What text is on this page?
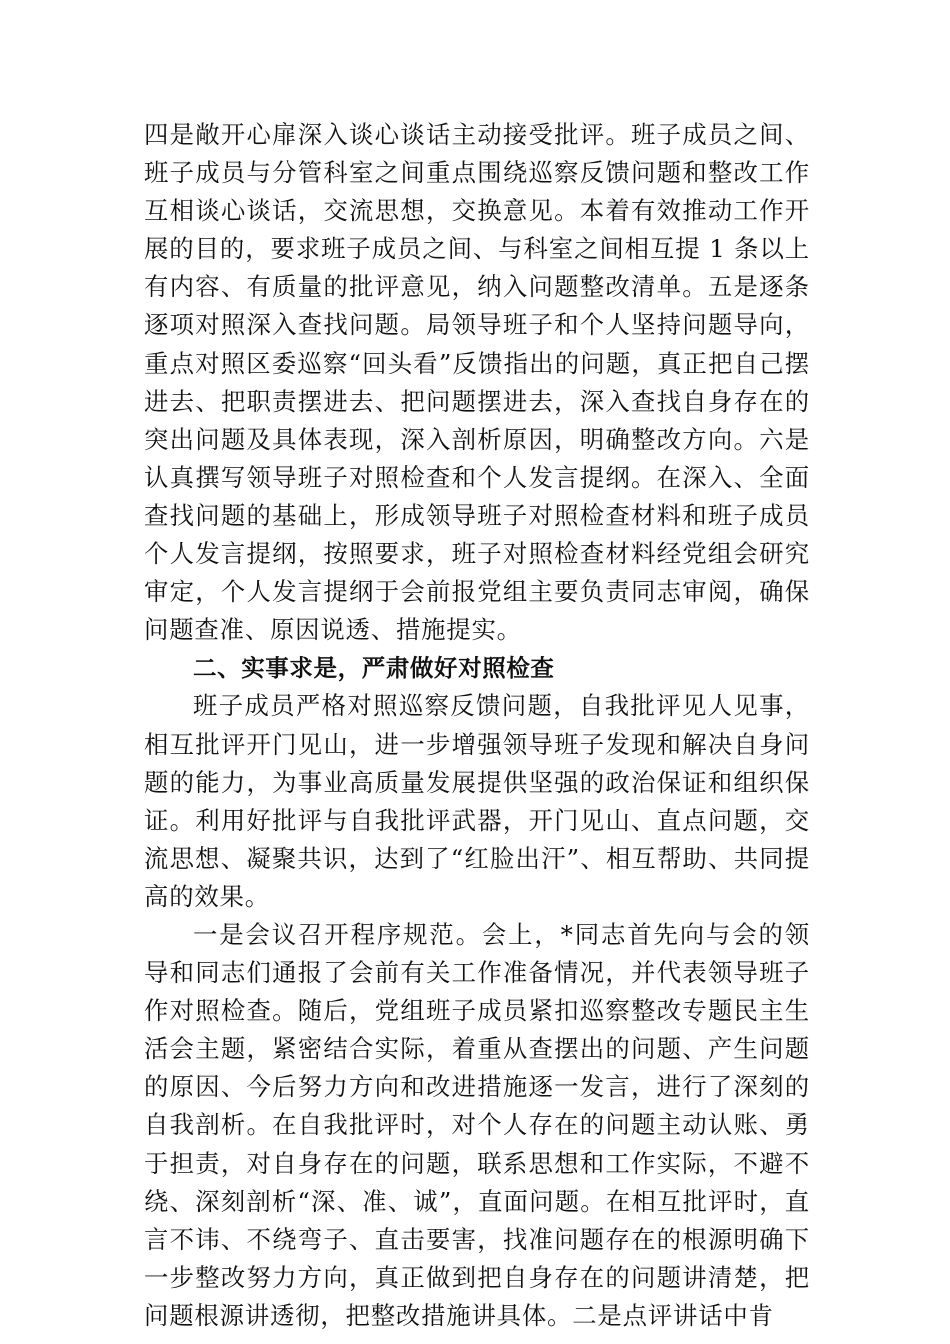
四是敞开心扉深入谈心谈话主动接受批评。班子成员之间、班子成员与分管科室之间重点围绕巡察反馈问题和整改工作互相谈心谈话，交流思想，交换意见。本着有效推动工作开展的目的，要求班子成员之间、与科室之间相互提 1 条以上有内容、有质量的批评意见，纳入问题整改清单。五是逐条逐项对照深入查找问题。局领导班子和个人坚持问题导向，重点对照区委巡察“回头看”反馈指出的问题，真正把自己摆进去、把职责摆进去、把问题摆进去，深入查找自身存在的突出问题及具体表现，深入剖析原因，明确整改方向。六是认真撰写领导班子对照检查和个人发言提纲。在深入、全面查找问题的基础上，形成领导班子对照检查材料和班子成员个人发言提纲，按照要求，班子对照检查材料经党组会研究审定，个人发言提纲于会前报党组主要负责同志审阅，确保问题查准、原因说透、措施提实。

二、实事求是，严肃做好对照检查

班子成员严格对照巡察反馈问题，自我批评见人见事，相互批评开门见山，进一步增强领导班子发现和解决自身问题的能力，为事业高质量发展提供坚强的政治保证和组织保证。利用好批评与自我批评武器，开门见山、直点问题，交流思想、凝聚共识，达到了“红脸出汗”、相互帮助、共同提高的效果。

一是会议召开程序规范。会上，*同志首先向与会的领导和同志们通报了会前有关工作准备情况，并代表领导班子作对照检查。随后，党组班子成员紧扣巡察整改专题民主生活会主题，紧密结合实际，着重从查摆出的问题、产生问题的原因、今后努力方向和改进措施逐一发言，进行了深刻的自我剖析。在自我批评时，对个人存在的问题主动认账、勇于担责，对自身存在的问题，联系思想和工作实际，不避不绕、深刻剖析“深、准、诚”，直面问题。在相互批评时，直言不讳、不绕弯子、直击要害，找准问题存在的根源明确下一步整改努力方向，真正做到把自身存在的问题讲清楚，把问题根源讲透彻，把整改措施讲具体。二是点评讲话中肯
